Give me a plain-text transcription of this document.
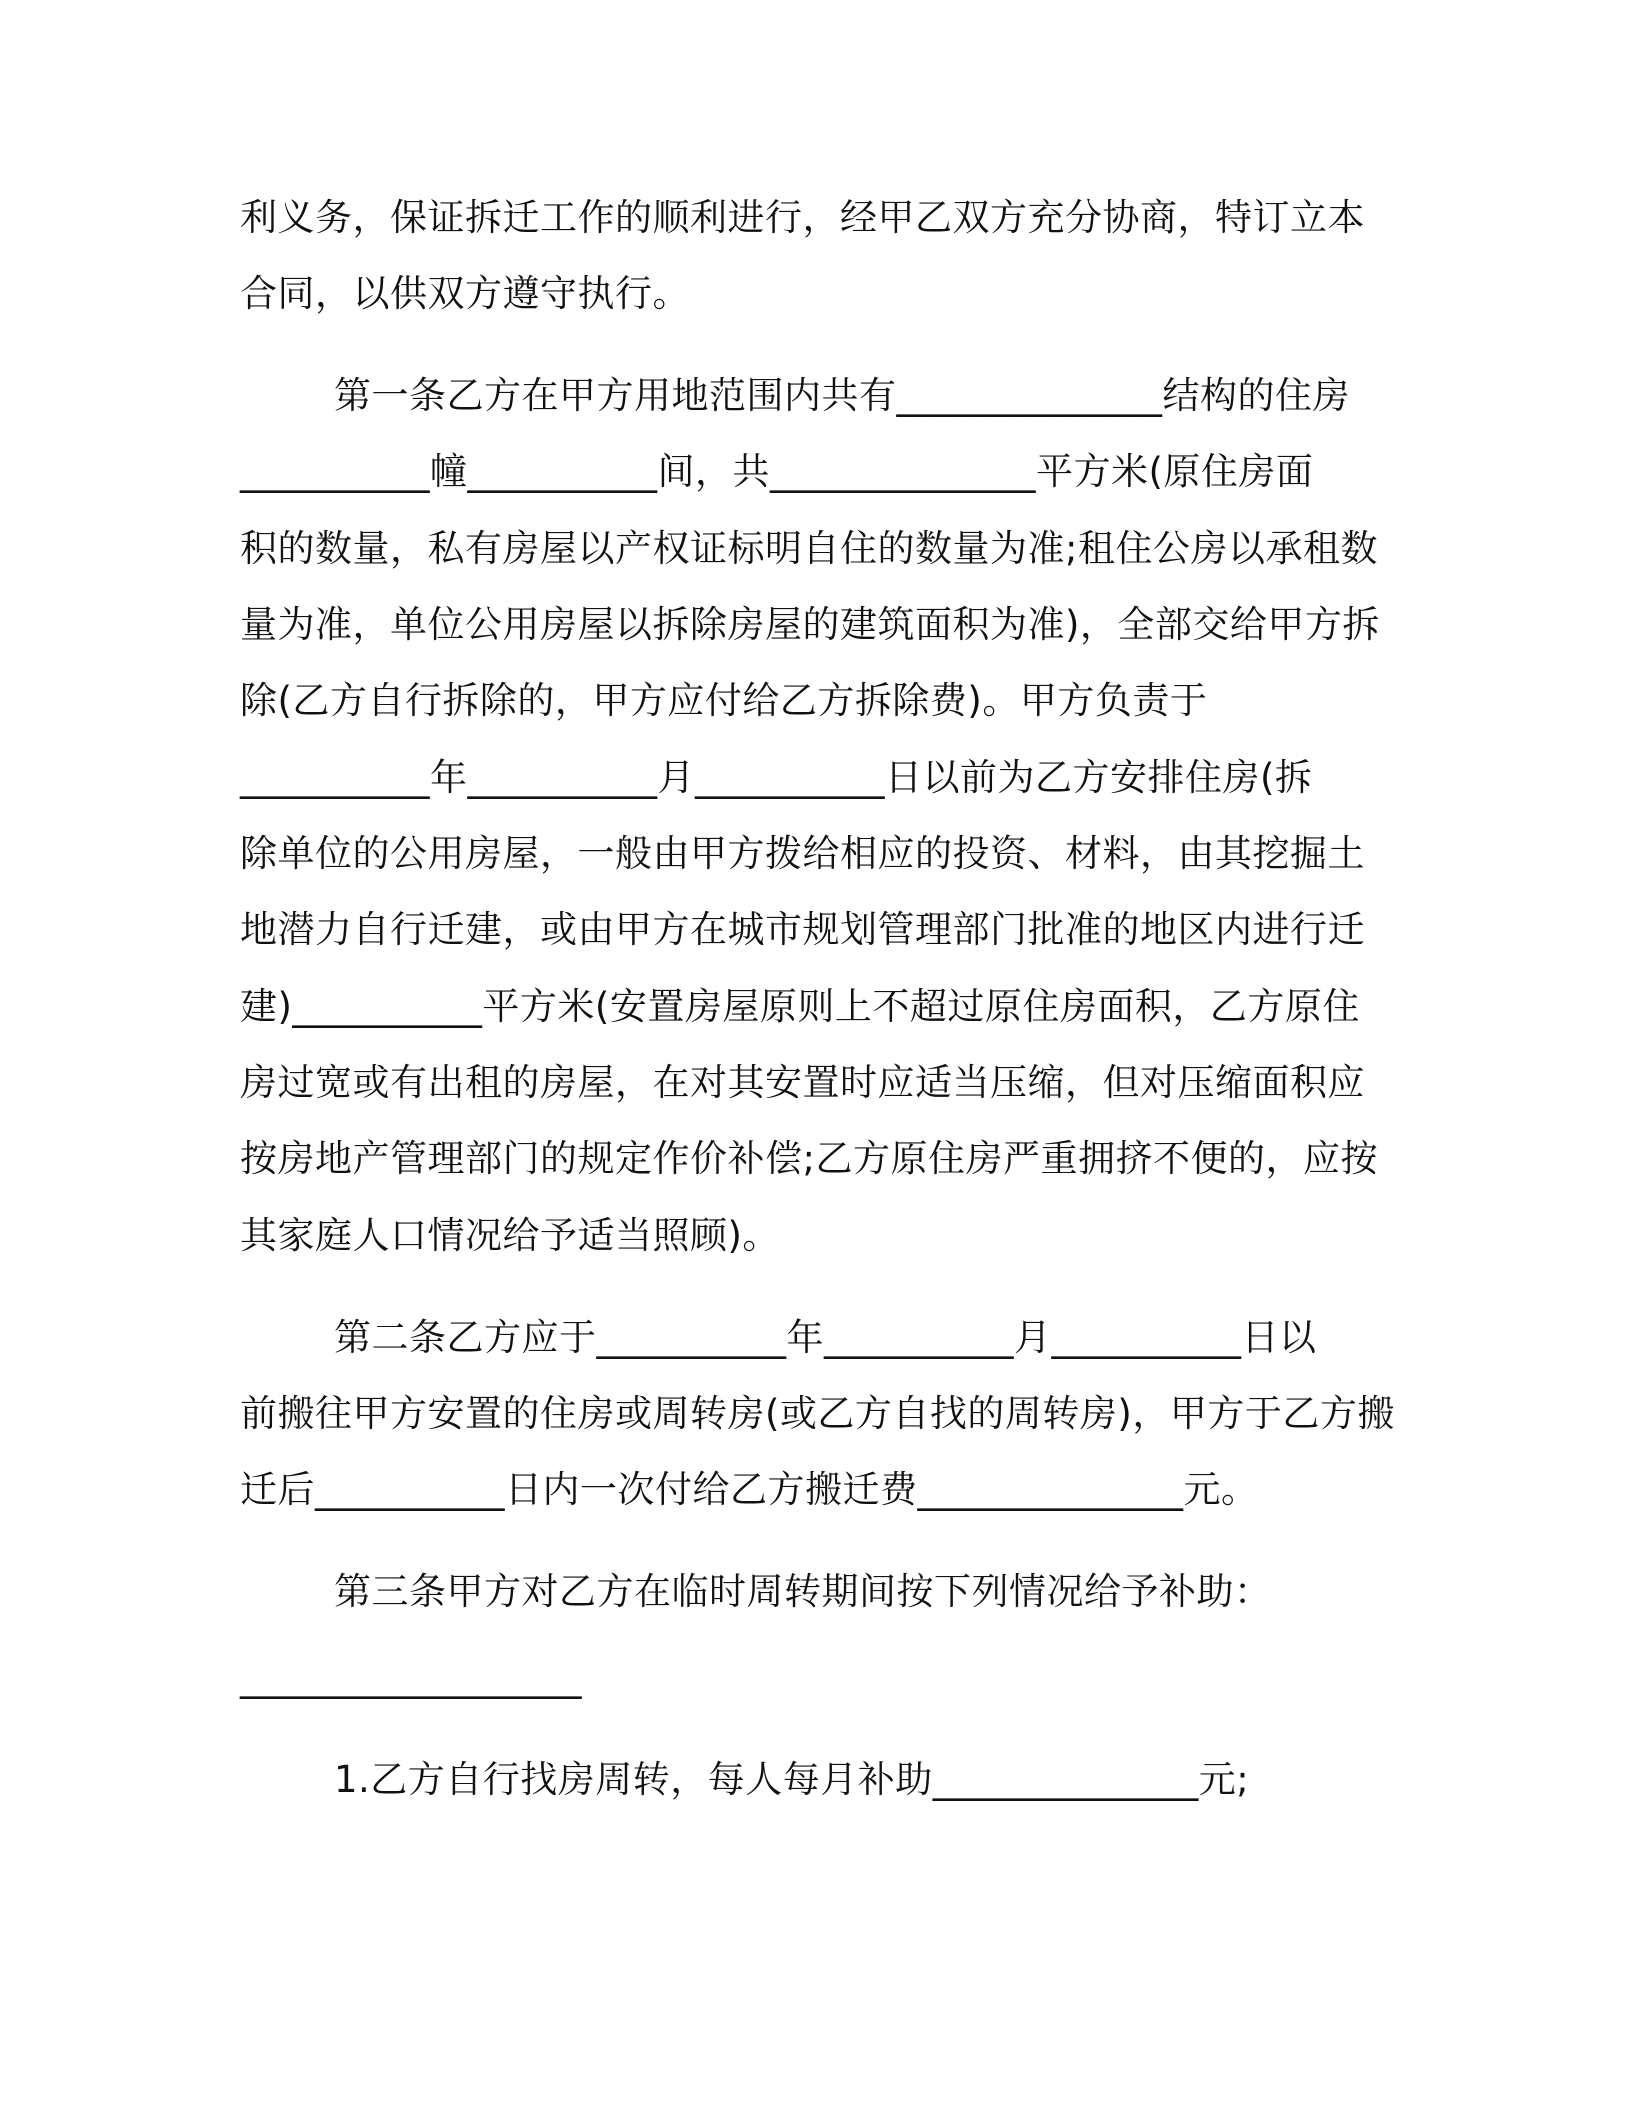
利义务，保证拆迁工作的顺利进行，经甲乙双方充分协商，特订立本
合同，以供双方遵守执行。
第一条乙方在甲方用地范围内共有______________结构的住房
__________幢__________间，共______________平方米(原住房面
积的数量，私有房屋以产权证标明自住的数量为准;租住公房以承租数
量为准，单位公用房屋以拆除房屋的建筑面积为准)，全部交给甲方拆
除(乙方自行拆除的，甲方应付给乙方拆除费)。甲方负责于
__________年__________月__________日以前为乙方安排住房(拆
除单位的公用房屋，一般由甲方拨给相应的投资、材料，由其挖掘土
地潜力自行迁建，或由甲方在城市规划管理部门批准的地区内进行迁
建)__________平方米(安置房屋原则上不超过原住房面积，乙方原住
房过宽或有出租的房屋，在对其安置时应适当压缩，但对压缩面积应
按房地产管理部门的规定作价补偿;乙方原住房严重拥挤不便的，应按
其家庭人口情况给予适当照顾)。
第二条乙方应于__________年__________月__________日以
前搬往甲方安置的住房或周转房(或乙方自找的周转房)，甲方于乙方搬
迁后__________日内一次付给乙方搬迁费______________元。
第三条甲方对乙方在临时周转期间按下列情况给予补助：
__________________
1.乙方自行找房周转，每人每月补助______________元;
